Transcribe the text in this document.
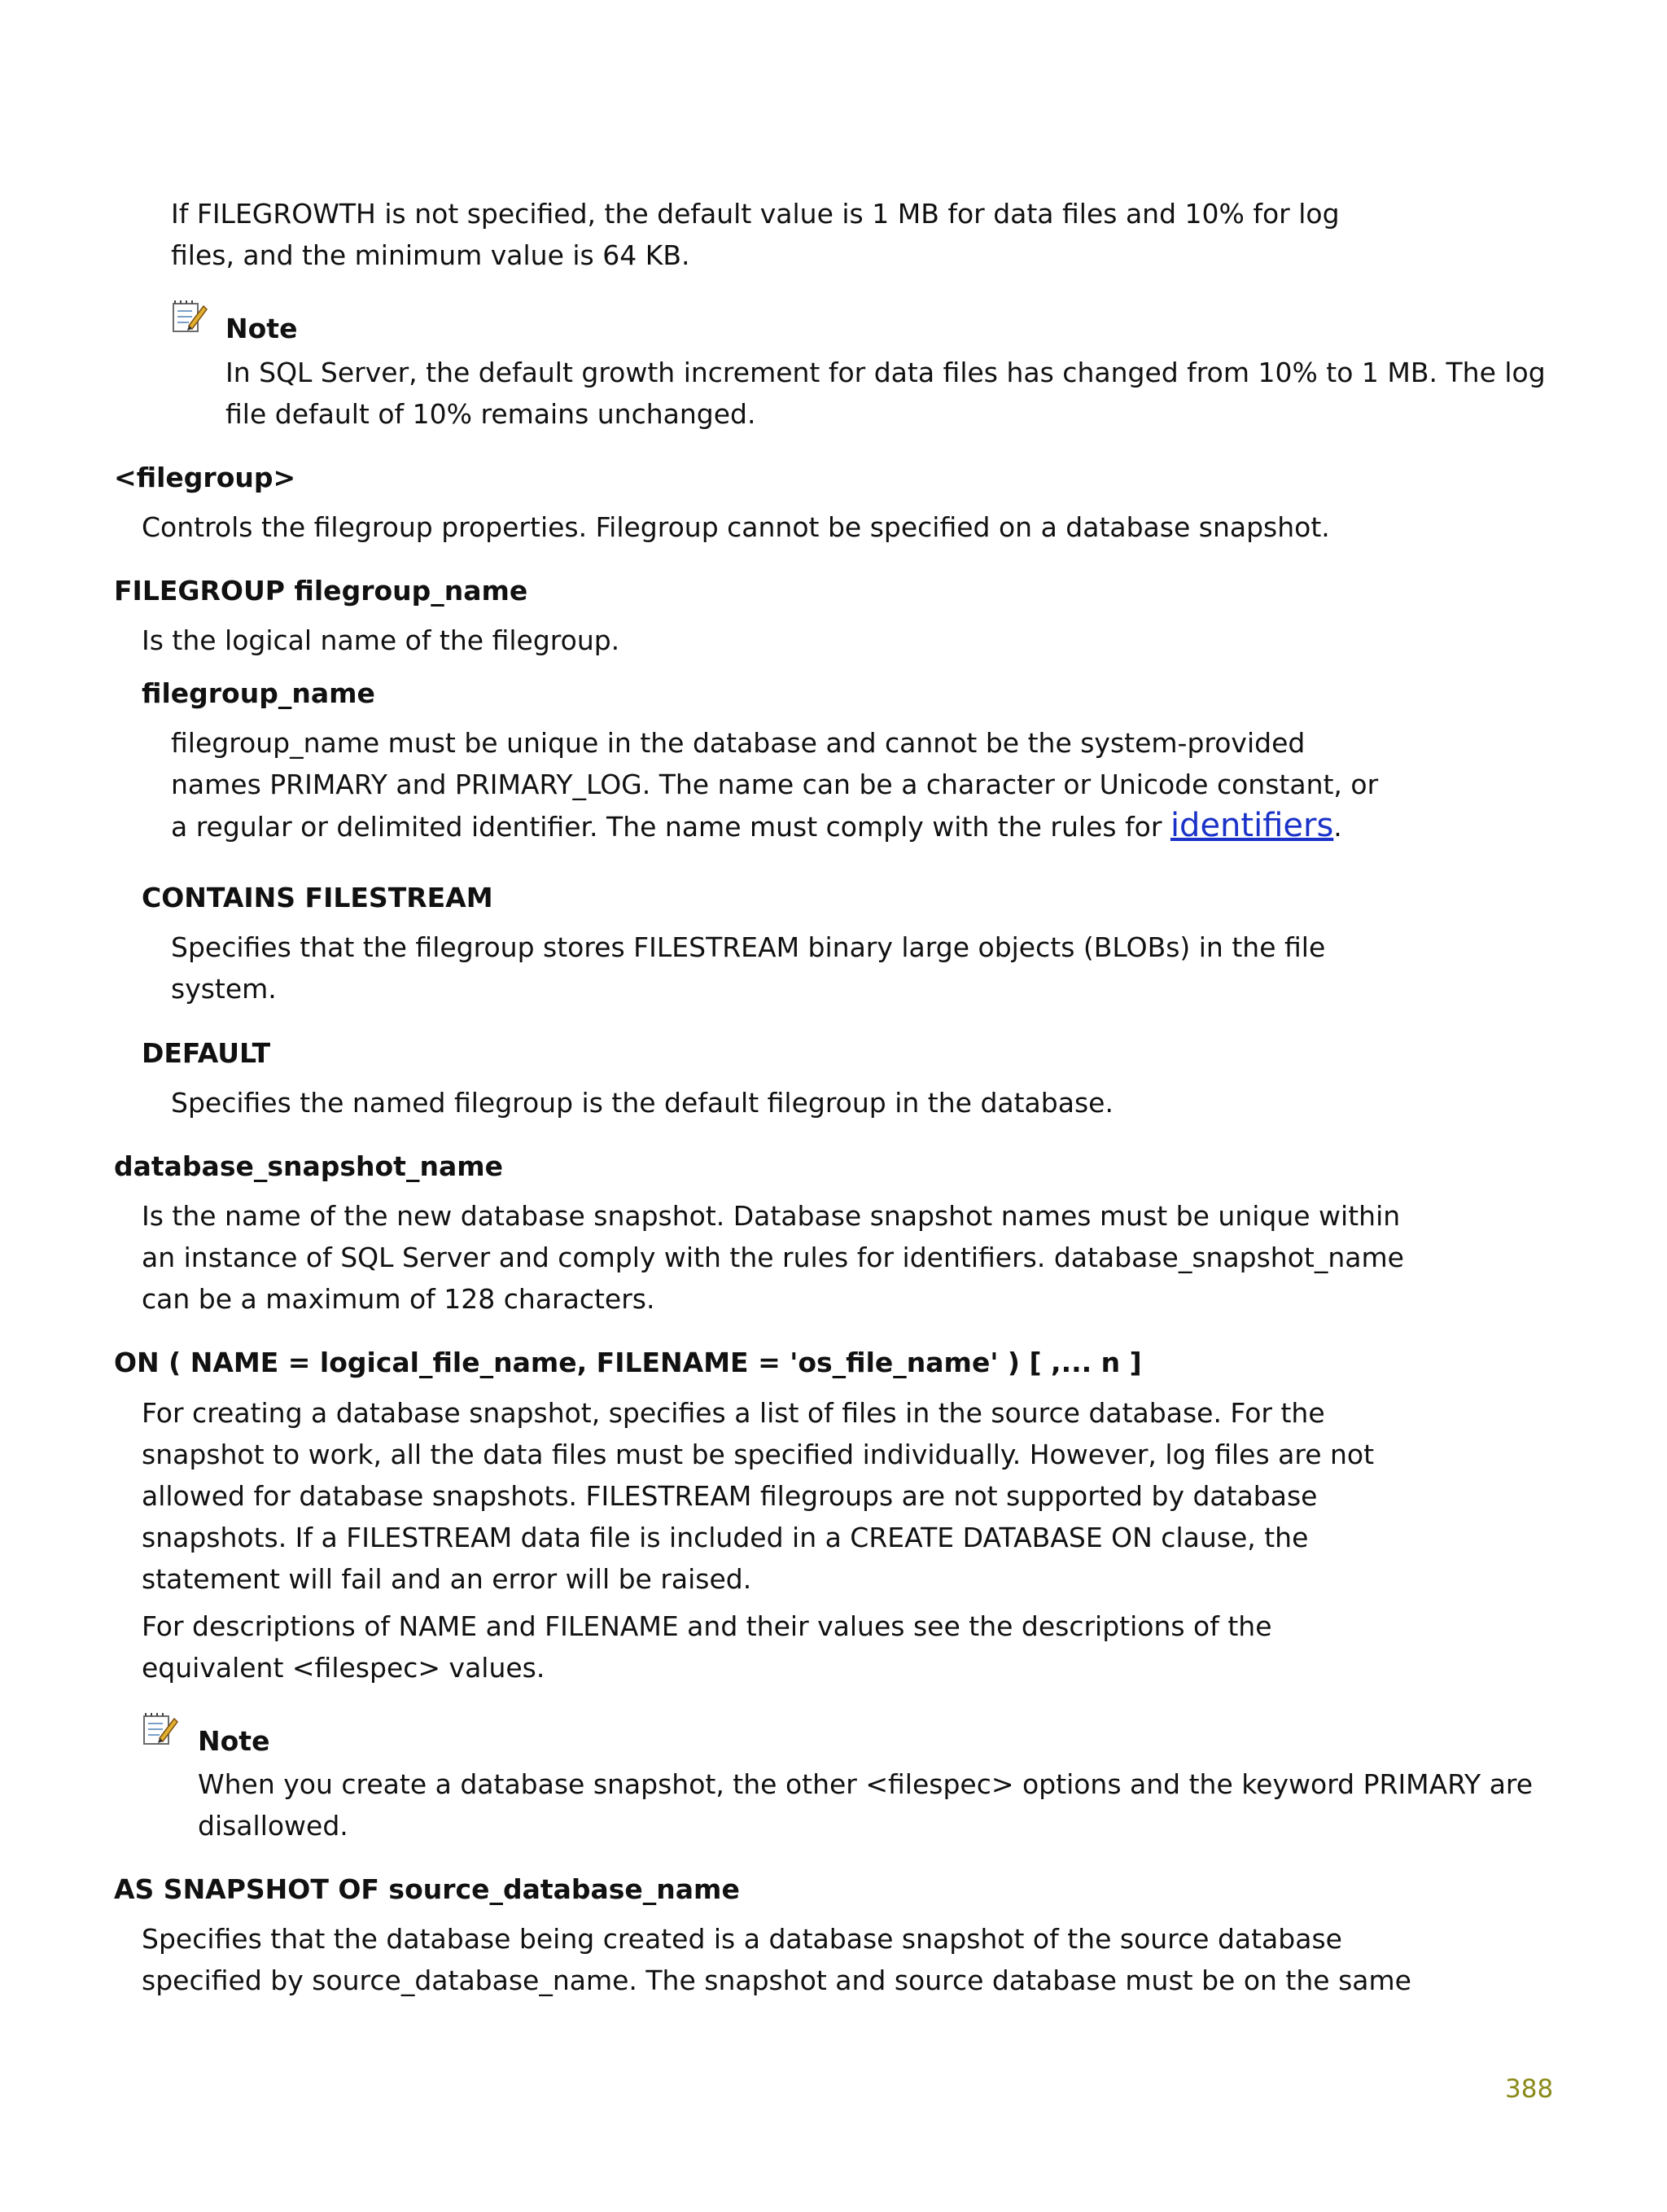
If FILEGROWTH is not specified, the default value is 1 MB for data files and 10% for log

files, and the minimum value is 64 KB.

Note

In SQL Server, the default growth increment for data files has changed from 10% to 1 MB. The log

file default of 10% remains unchanged.

<filegroup>

Controls the filegroup properties. Filegroup cannot be specified on a database snapshot.

FILEGROUP filegroup_name

Is the logical name of the filegroup.

filegroup_name

filegroup_name must be unique in the database and cannot be the system-provided

names PRIMARY and PRIMARY_LOG. The name can be a character or Unicode constant, or

a regular or delimited identifier. The name must comply with the rules for identifiers.

CONTAINS FILESTREAM

Specifies that the filegroup stores FILESTREAM binary large objects (BLOBs) in the file

system.

DEFAULT

Specifies the named filegroup is the default filegroup in the database.

database_snapshot_name

Is the name of the new database snapshot. Database snapshot names must be unique within

an instance of SQL Server and comply with the rules for identifiers. database_snapshot_name

can be a maximum of 128 characters.

ON ( NAME = logical_file_name, FILENAME = 'os_file_name' ) [ ,... n ]

For creating a database snapshot, specifies a list of files in the source database. For the

snapshot to work, all the data files must be specified individually. However, log files are not

allowed for database snapshots. FILESTREAM filegroups are not supported by database

snapshots. If a FILESTREAM data file is included in a CREATE DATABASE ON clause, the

statement will fail and an error will be raised.

For descriptions of NAME and FILENAME and their values see the descriptions of the

equivalent <filespec> values.

Note

When you create a database snapshot, the other <filespec> options and the keyword PRIMARY are

disallowed.

AS SNAPSHOT OF source_database_name

Specifies that the database being created is a database snapshot of the source database

specified by source_database_name. The snapshot and source database must be on the same

388
